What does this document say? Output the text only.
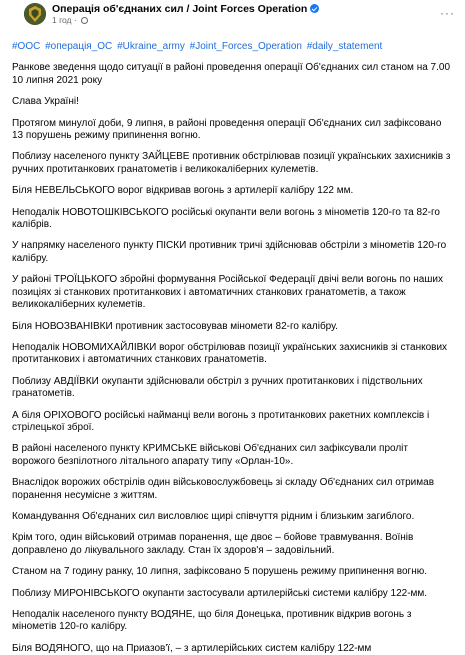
Операція об'єднаних сил / Joint Forces Operation
1 год ·	···

#ООС #операція_ОС #Ukraine_army #Joint_Forces_Operation #daily_statement

Ранкове зведення щодо ситуації в районі проведення операції Об'єднаних сил станом на 7.00 10 липня 2021 року

Слава Україні!

Протягом минулої доби, 9 липня, в районі проведення операції Об'єднаних сил зафіксовано 13 порушень режиму припинення вогню.

Поблизу населеного пункту ЗАЙЦЕВЕ противник обстрілював позиції українських захисників з ручних протитанкових гранатометів і великокаліберних кулеметів.

Біля НЕВЕЛЬСЬКОГО ворог відкривав вогонь з артилерії калібру 122 мм.

Неподалік НОВОТОШКІВСЬКОГО російські окупанти вели вогонь з мінометів 120-го та 82-го калібрів.

У напрямку населеного пункту ПІСКИ противник тричі здійснював обстріли з мінометів 120-го калібру.

У районі ТРОЇЦЬКОГО збройні формування Російської Федерації двічі вели вогонь по наших позиціях зі станкових протитанкових і автоматичних станкових гранатометів, а також великокаліберних кулеметів.

Біля НОВОЗВАНІВКИ противник застосовував міномети 82-го калібру.

Неподалік НОВОМИХАЙЛІВКИ ворог обстрілював позиції українських захисників зі станкових протитанкових і автоматичних станкових гранатометів.

Поблизу АВДІЇВКИ окупанти здійснювали обстріл з ручних протитанкових і підствольних гранатометів.

А біля ОРІХОВОГО російські найманці вели вогонь з протитанкових ракетних комплексів і стрілецької зброї.

В районі населеного пункту КРИМСЬКЕ військові Об'єднаних сил зафіксували проліт ворожого безпілотного літального апарату типу «Орлан-10».

Внаслідок ворожих обстрілів один військовослужбовець зі складу Об'єднаних сил отримав поранення несумісне з життям.

Командування Об'єднаних сил висловлює щирі співчуття рідним і близьким загиблого.

Крім того, один військовий отримав поранення, ще двоє – бойове травмування. Воїнів доправлено до лікувального закладу. Стан їх здоров'я – задовільний.

Станом на 7 годину ранку, 10 липня, зафіксовано 5 порушень режиму припинення вогню.

Поблизу МИРОНІВСЬКОГО окупанти застосували артилерійські системи калібру 122-мм.

Неподалік населеного пункту ВОДЯНЕ, що біля Донецька, противник відкрив вогонь з мінометів 120-го калібру.

Біля ВОДЯНОГО, що на Приазов'ї, – з артилерійських систем калібру 122-мм
